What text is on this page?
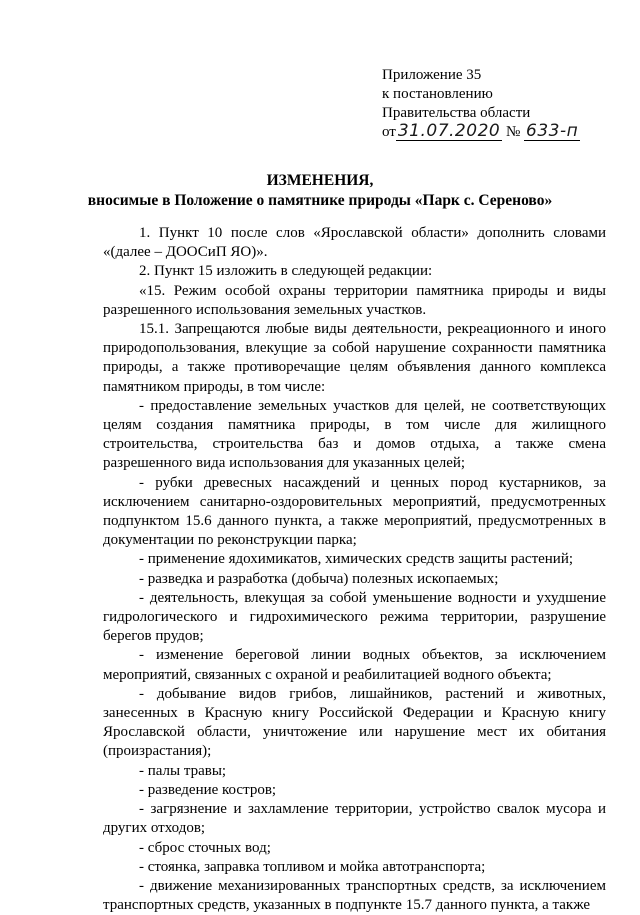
Приложение 35
к постановлению
Правительства области
от 31.07.2020 № 633-п
ИЗМЕНЕНИЯ,
вносимые в Положение о памятнике природы «Парк с. Сереново»

1. Пункт 10 после слов «Ярославской области» дополнить словами «(далее – ДООСиП ЯО)».

2. Пункт 15 изложить в следующей редакции:

«15. Режим особой охраны территории памятника природы и виды разрешенного использования земельных участков.

15.1. Запрещаются любые виды деятельности, рекреационного и иного природопользования, влекущие за собой нарушение сохранности памятника природы, а также противоречащие целям объявления данного комплекса памятником природы, в том числе:

- предоставление земельных участков для целей, не соответствующих целям создания памятника природы, в том числе для жилищного строительства, строительства баз и домов отдыха, а также смена разрешенного вида использования для указанных целей;

- рубки древесных насаждений и ценных пород кустарников, за исключением санитарно-оздоровительных мероприятий, предусмотренных подпунктом 15.6 данного пункта, а также мероприятий, предусмотренных в документации по реконструкции парка;

- применение ядохимикатов, химических средств защиты растений;

- разведка и разработка (добыча) полезных ископаемых;

- деятельность, влекущая за собой уменьшение водности и ухудшение гидрологического и гидрохимического режима территории, разрушение берегов прудов;

- изменение береговой линии водных объектов, за исключением мероприятий, связанных с охраной и реабилитацией водного объекта;

- добывание видов грибов, лишайников, растений и животных, занесенных в Красную книгу Российской Федерации и Красную книгу Ярославской области, уничтожение или нарушение мест их обитания (произрастания);

- палы травы;

- разведение костров;

- загрязнение и захламление территории, устройство свалок мусора и других отходов;

- сброс сточных вод;

- стоянка, заправка топливом и мойка автотранспорта;

- движение механизированных транспортных средств, за исключением транспортных средств, указанных в подпункте 15.7 данного пункта, а также
